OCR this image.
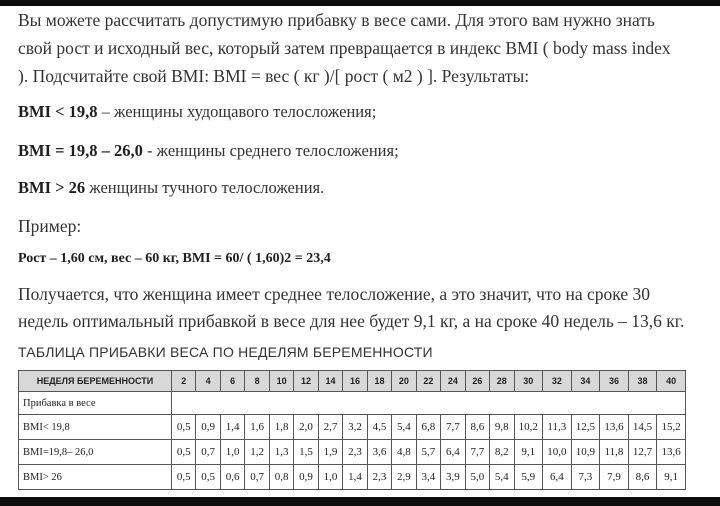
Вы можете рассчитать допустимую прибавку в весе сами. Для этого вам нужно знать
свой рост и исходный вес, который затем превращается в индекс BMI ( body mass index
). Подсчитайте свой BMI: BMI = вес ( кг )/[ рост ( м2 ) ]. Результаты:
BMI < 19,8 – женщины худощавого телосложения;
BMI = 19,8 – 26,0 - женщины среднего телосложения;
BMI > 26 женщины тучного телосложения.
Пример:
Рост – 1,60 см, вес – 60 кг, BMI = 60/ ( 1,60)2 = 23,4
Получается, что женщина имеет среднее телосложение, а это значит, что на сроке 30
недель оптимальный прибавкой в весе для нее будет 9,1 кг, а на сроке 40 недель – 13,6 кг.
ТАБЛИЦА ПРИБАВКИ ВЕСА ПО НЕДЕЛЯМ БЕРЕМЕННОСТИ
НЕДЕЛЯ БЕРЕМЕННОСТИ	2	4	6	8	10	12	14	16	18	20	22	24	26	28	30	32	34	36	38	40
Прибавка в весе																				
BMI< 19,8	0,5	0,9	1,4	1,6	1,8	2,0	2,7	3,2	4,5	5,4	6,8	7,7	8,6	9,8	10,2	11,3	12,5	13,6	14,5	15,2
BMI=19,8– 26,0	0,5	0,7	1,0	1,2	1,3	1,5	1,9	2,3	3,6	4,8	5,7	6,4	7,7	8,2	9,1	10,0	10,9	11,8	12,7	13,6
BMI> 26	0,5	0,5	0,6	0,7	0,8	0,9	1,0	1,4	2,3	2,9	3,4	3,9	5,0	5,4	5,9	6,4	7,3	7,9	8,6	9,1
